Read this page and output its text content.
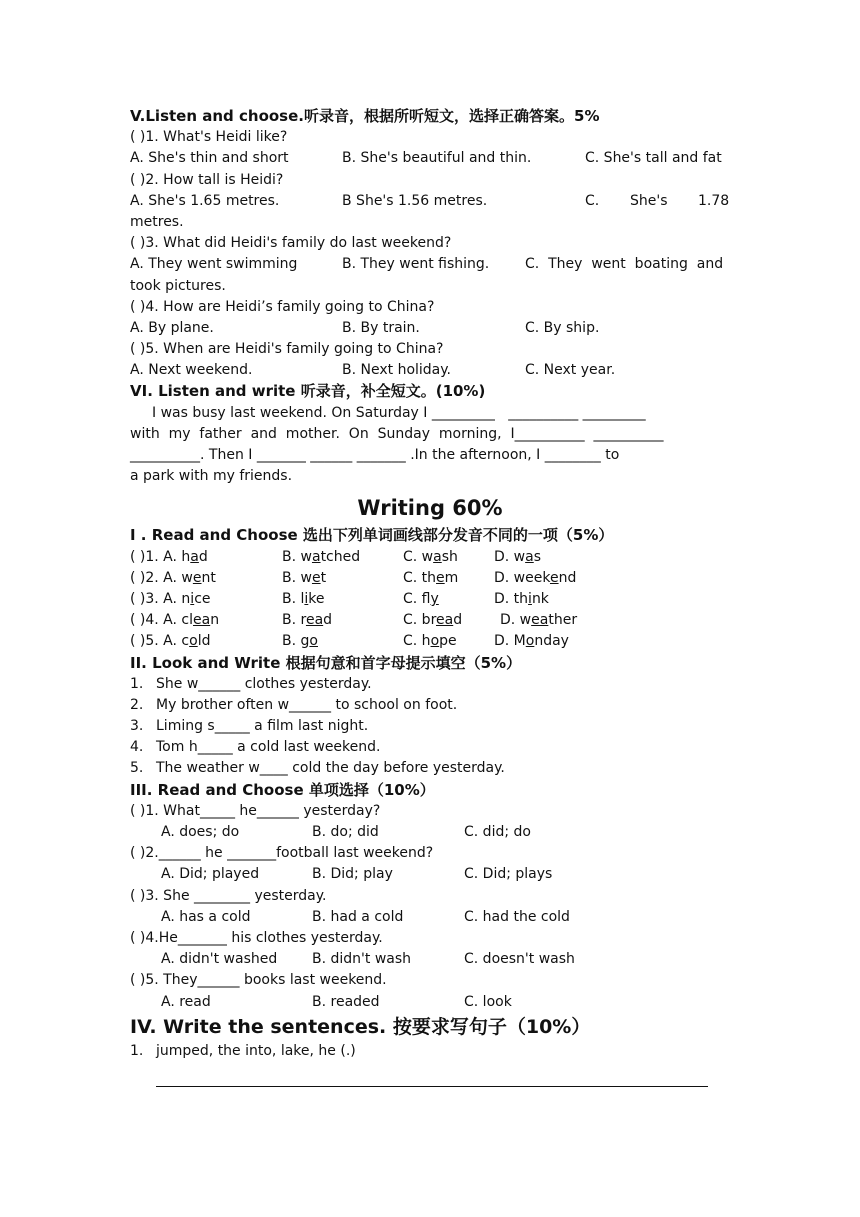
V.Listen and choose.听录音，根据所听短文，选择正确答案。5%
( )1. What's Heidi like?
A. She's thin and short	B. She's beautiful and thin.	C. She's tall and fat
( )2. How tall is Heidi?
A. She's 1.65 metres.	B She's 1.56 metres.	C. She's 1.78
metres.
( )3. What did Heidi's family do last weekend?
A. They went swimming	B. They went fishing.	C.  They  went  boating  and
took pictures.
( )4. How are Heidi’s family going to China?
A. By plane.	B. By train.	C. By ship.
( )5. When are Heidi's family going to China?
A. Next weekend.	B. Next holiday.	C. Next year.
VI. Listen and write 听录音，补全短文。(10%)
I was busy last weekend. On Saturday I _________   __________ _________
with  my  father  and  mother.  On  Sunday  morning,  I__________  __________
__________. Then I _______ ______ _______ .In the afternoon, I ________ to
a park with my friends.
Writing 60%
I . Read and Choose 选出下列单词画线部分发音不同的一项（5%）
( )1. A. had	B. watched	C. wash	D. was
( )2. A. went	B. wet	C. them	D. weekend
( )3. A. nice	B. like	C. fly	D. think
( )4. A. clean	B. read	C. bread	D. weather
( )5. A. cold	B. go	C. hope	D. Monday
II. Look and Write 根据句意和首字母提示填空（5%）
1. She w______ clothes yesterday.
2. My brother often w______ to school on foot.
3. Liming s_____ a film last night.
4. Tom h_____ a cold last weekend.
5. The weather w____ cold the day before yesterday.
III. Read and Choose 单项选择（10%）
( )1. What_____ he______ yesterday?
A. does; do	B. do; did	C. did; do
( )2.______ he _______football last weekend?
A. Did; played	B. Did; play	C. Did; plays
( )3. She ________ yesterday.
A. has a cold	B. had a cold	C. had the cold
( )4.He_______ his clothes yesterday.
A. didn't washed B. didn't wash	C. doesn't wash
( )5. They______ books last weekend.
A. read	B. readed	C. look
IV. Write the sentences. 按要求写句子（10%）
1. jumped, the into, lake, he (.)
